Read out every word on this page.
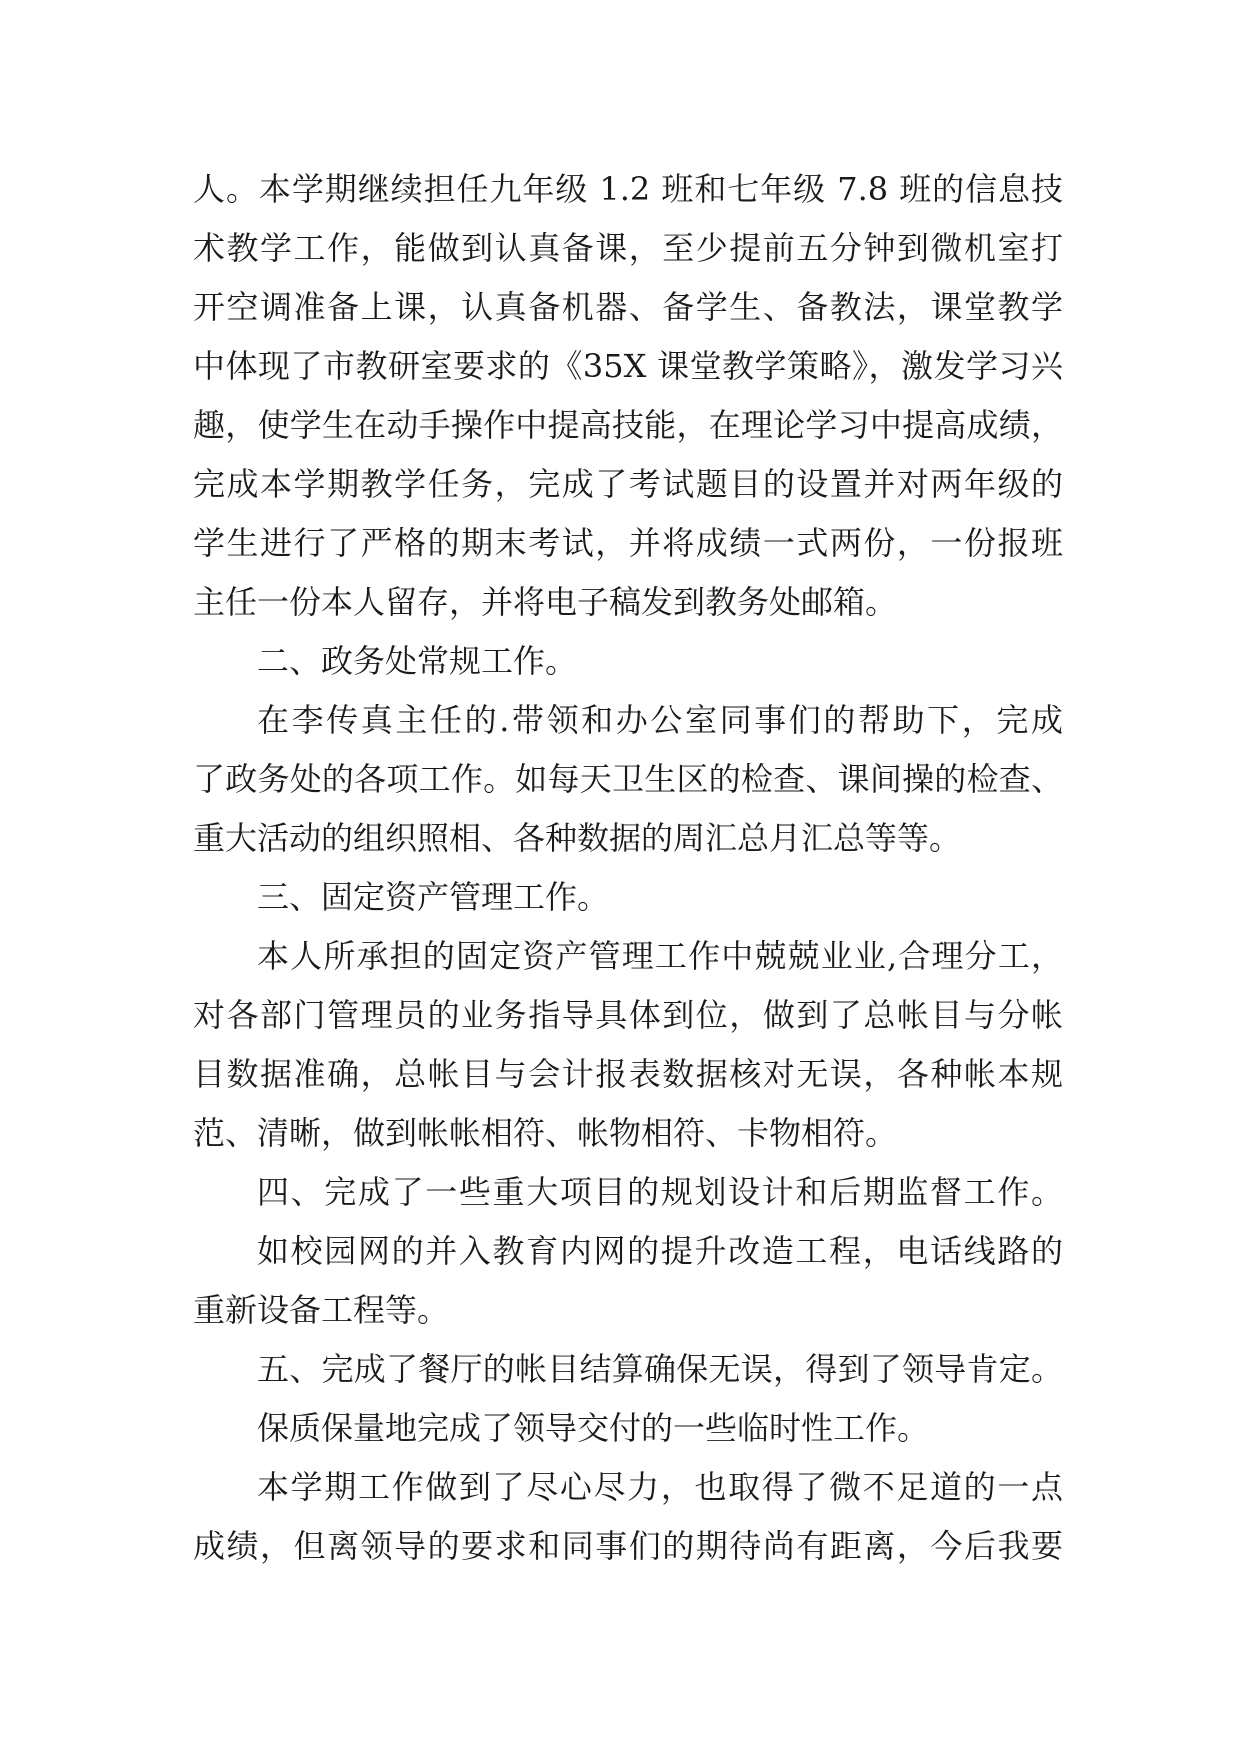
人。本学期继续担任九年级 1.2 班和七年级 7.8 班的信息技
术教学工作，能做到认真备课，至少提前五分钟到微机室打
开空调准备上课，认真备机器、备学生、备教法，课堂教学
中体现了市教研室要求的《35X 课堂教学策略》，激发学习兴
趣，使学生在动手操作中提高技能，在理论学习中提高成绩，
完成本学期教学任务，完成了考试题目的设置并对两年级的
学生进行了严格的期末考试，并将成绩一式两份，一份报班
主任一份本人留存，并将电子稿发到教务处邮箱。
二、政务处常规工作。
在李传真主任的.带领和办公室同事们的帮助下，完成
了政务处的各项工作。如每天卫生区的检查、课间操的检查、
重大活动的组织照相、各种数据的周汇总月汇总等等。
三、固定资产管理工作。
本人所承担的固定资产管理工作中兢兢业业,合理分工，
对各部门管理员的业务指导具体到位，做到了总帐目与分帐
目数据准确，总帐目与会计报表数据核对无误，各种帐本规
范、清晰，做到帐帐相符、帐物相符、卡物相符。
四、完成了一些重大项目的规划设计和后期监督工作。
如校园网的并入教育内网的提升改造工程，电话线路的
重新设备工程等。
五、完成了餐厅的帐目结算确保无误，得到了领导肯定。
保质保量地完成了领导交付的一些临时性工作。
本学期工作做到了尽心尽力，也取得了微不足道的一点
成绩，但离领导的要求和同事们的期待尚有距离，今后我要
